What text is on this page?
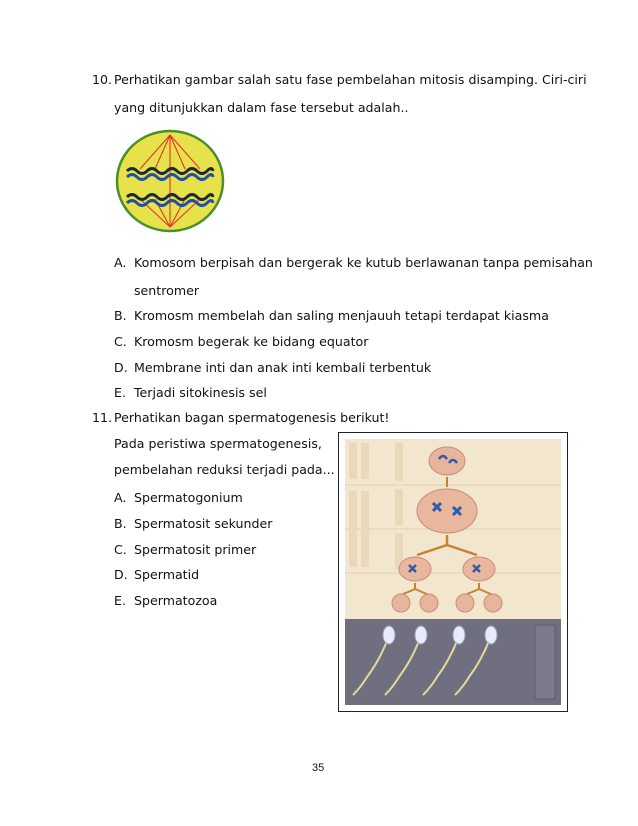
10. Perhatikan gambar salah satu fase pembelahan mitosis disamping. Ciri-ciri
yang ditunjukkan dalam fase tersebut adalah..
A. Komosom berpisah dan bergerak ke kutub berlawanan tanpa pemisahan
sentromer
B. Kromosm membelah dan saling menjauuh tetapi terdapat kiasma
C. Kromosm begerak ke bidang equator
D. Membrane inti dan anak inti kembali terbentuk
E. Terjadi sitokinesis sel
11. Perhatikan bagan spermatogenesis berikut!
Pada peristiwa spermatogenesis,
pembelahan reduksi terjadi pada...
A. Spermatogonium
B. Spermatosit sekunder
C. Spermatosit primer
D. Spermatid
E. Spermatozoa
35
